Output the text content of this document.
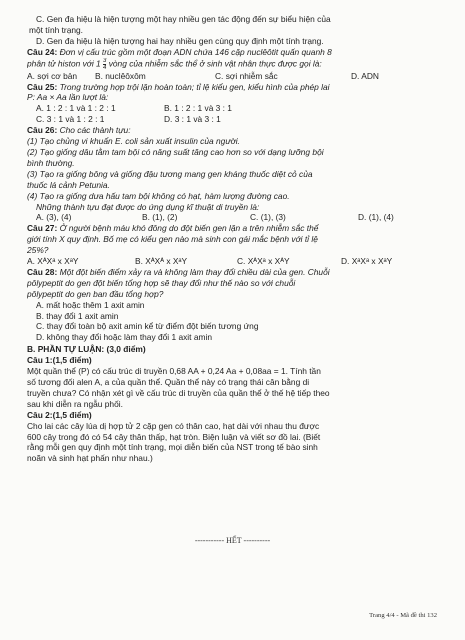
C. Gen đa hiệu là hiện tượng một hay nhiều gen tác động đến sự biểu hiện của
một tính trạng.
D. Gen đa hiệu là hiện tượng hai hay nhiều gen cùng quy định một tính trạng.
Câu 24: Đơn vị cấu trúc gồm một đoạn ADN chứa 146 cặp nuclêôtit quấn quanh 8
phân tử histon với $1 \frac{3}{4}$ vòng của nhiễm sắc thể ở sinh vật nhân thực được gọi là:
A. sợi cơ bản	B. nuclêôxôm	C. sợi nhiễm sắc	D. ADN
Câu 25: Trong trường hợp trội lặn hoàn toàn; tỉ lệ kiểu gen, kiểu hình của phép lai
P: Aa × Aa lần lượt là:
A. 1 : 2 : 1 và 1 : 2 : 1	B. 1 : 2 : 1 và 3 : 1
C. 3 : 1 và 1 : 2 : 1	D. 3 : 1 và 3 : 1
Câu 26: Cho các thành tựu:
(1) Tạo chủng vi khuẩn E. coli sản xuất insulin của người.
(2) Tạo giống dâu tằm tam bội có năng suất tăng cao hơn so với dạng lưỡng bội
bình thường.
(3) Tạo ra giống bông và giống đậu tương mang gen kháng thuốc diệt cỏ của
thuốc lá cảnh Petunia.
(4) Tạo ra giống dưa hấu tam bội không có hạt, hàm lượng đường cao.
Những thành tựu đạt được do ứng dụng kĩ thuật di truyền là:
A. (3), (4)	B. (1), (2)	C. (1), (3)	D. (1), (4)
Câu 27: Ở người bệnh máu khó đông do đột biến gen lặn a trên nhiễm sắc thể
giới tính X quy định. Bố mẹ có kiểu gen nào mà sinh con gái mắc bệnh với tỉ lệ
25%?
A. XᴬXᵃ x XᵃY	B. XᴬXᴬ x XᵃY	C. XᴬXᵃ x XᴬY	D. XᵃXᵃ x XᵃY
Câu 28: Một đột biến điểm xảy ra và không làm thay đổi chiều dài của gen. Chuỗi
pôlypeptit do gen đột biến tổng hợp sẽ thay đổi như thế nào so với chuỗi
pôlypeptit do gen ban đầu tổng hợp?
A. mất hoặc thêm 1 axit amin
B. thay đổi 1 axit amin
C. thay đổi toàn bộ axit amin kể từ điểm đột biến tương ứng
D. không thay đổi hoặc làm thay đổi 1 axit amin
B. PHẦN TỰ LUẬN: (3,0 điểm)
Câu 1:(1,5 điểm)
Một quần thể (P) có cấu trúc di truyền 0,68 AA + 0,24 Aa + 0,08aa = 1. Tính tần
số tương đối alen A, a của quần thể. Quần thể này có trạng thái cân bằng di
truyền chưa? Có nhận xét gì về cấu trúc di truyền của quần thể ở thế hệ tiếp theo
sau khi diễn ra ngẫu phối.
Câu 2:(1,5 điểm)
Cho lai các cây lúa dị hợp tử 2 cặp gen có thân cao, hạt dài với nhau thu được
600 cây trong đó có 54 cây thân thấp, hạt tròn. Biện luận và viết sơ đồ lai. (Biết
rằng mỗi gen quy định một tính trạng, mọi diễn biến của NST trong tế bào sinh
noãn và sinh hạt phấn như nhau.)
----------- HẾT ----------
Trang 4/4 - Mã đề thi 132
